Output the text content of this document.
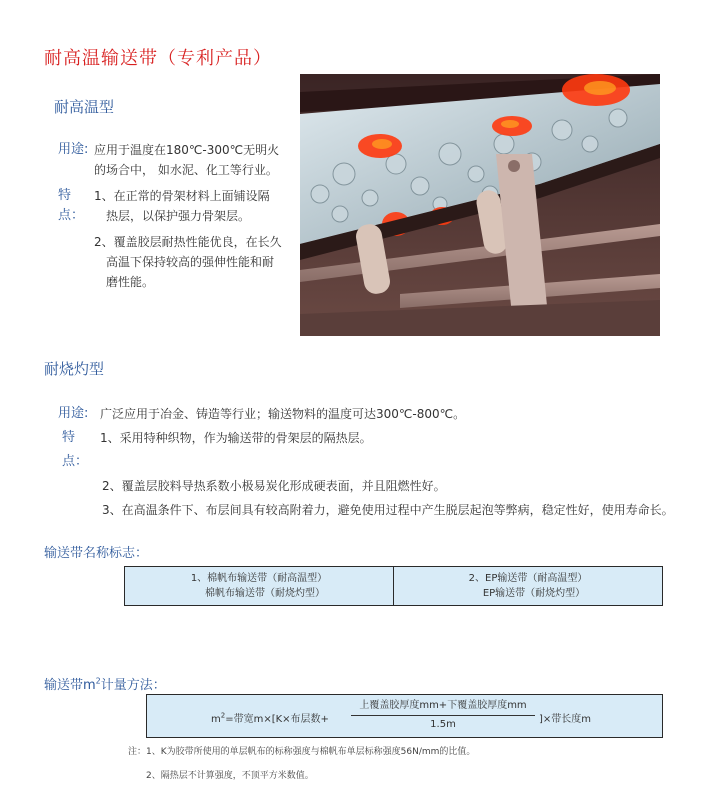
耐高温输送带（专利产品）
耐高温型
用途: 应用于温度在180℃-300℃无明火
的场合中， 如水泥、化工等行业。
特点：
1、在正常的骨架材料上面铺设隔
热层，以保护强力骨架层。
2、覆盖胶层耐热性能优良，在长久
高温下保持较高的强伸性能和耐
磨性能。
耐烧灼型
用途: 广泛应用于冶金、铸造等行业；输送物料的温度可达300℃-800℃。
特点：
1、采用特种织物，作为输送带的骨架层的隔热层。
2、覆盖层胶料导热系数小极易炭化形成硬表面，并且阻燃性好。
3、在高温条件下、布层间具有较高附着力，避免使用过程中产生脱层起泡等弊病，稳定性好，使用寿命长。
输送带名称标志：
1、棉帆布输送带（耐高温型）
棉帆布输送带（耐烧灼型）
2、EP输送带（耐高温型）
EP输送带（耐烧灼型）
输送带$m^2$计量方法：
$m^2=$带宽m×[K×布层数+
上覆盖胶厚度mm+下覆盖胶厚度mm
1.5m	]×带长度m
注：1、K为胶带所使用的单层帆布的标称强度与棉帆布单层标称强度56N/mm的比值。
2、隔热层不计算强度，不顶平方米数值。
